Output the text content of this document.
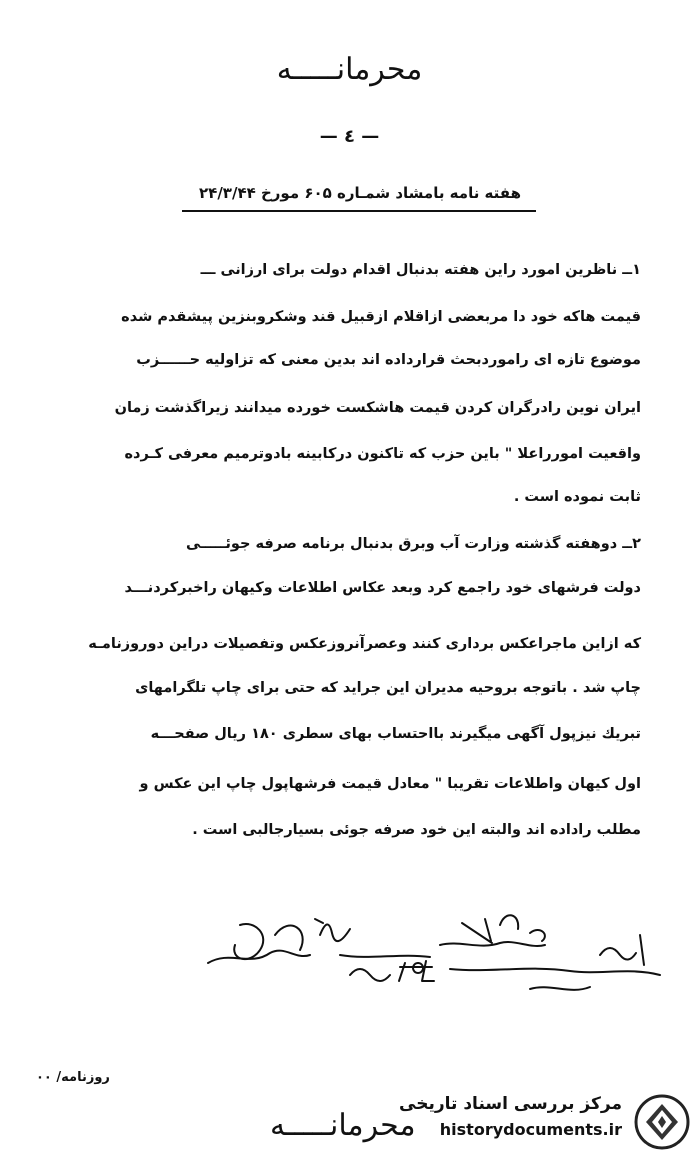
محرمانـــــه
— ٤ —
هفته نامه بامشاد شمـاره ۶۰۵ مورخ ۲۴/۳/۴۴
۱ــ ناظرین امورد راین هفته بدنبال اقدام دولت برای ارزانی ـــ
قیمت هاکه خود دا مربعضی ازاقلام ازقبیل قند وشکروبنزین پیشقدم شده
موضوع تازه ای راموردبحث قرارداده اند بدین معنی که تزاولیه حــــــزب
ایران نوین رادرگران کردن قیمت هاشکست خورده میدانند زیراگذشت زمان
واقعیت امورراعلا " باین حزب که تاکنون دركابینه بادوترمیم معرفی کـرده
ثابت نموده است .
۲ــ دوهفته گذشته وزارت آب وبرق بدنبال برنامه صرفه جوئـــــی
دولت فرشهای خود راجمع کرد وبعد عکاس اطلاعات وکیهان راخبرکردنـــد
که ازاین ماجراعکس برداری کنند وعصرآنروزعکس وتفصیلات دراین دوروزنامـه
چاپ شد . باتوجه بروحیه مدیران این جراید که حتی برای چاپ تلگرامهای
تبریك نیزپول آگهی میگیرند بااحتساب بهای سطری ۱۸۰ ریال صفحـــه
اول کیهان واطلاعات تقریبا " معادل قیمت فرشهاپول چاپ این عکس و
مطلب راداده اند والبته این خود صرفه جوئی بسیارجالبی است .
روزنامه/ ۰۰
محرمانـــــه
مرکز بررسی اسناد تاریخی
historydocuments.ir
